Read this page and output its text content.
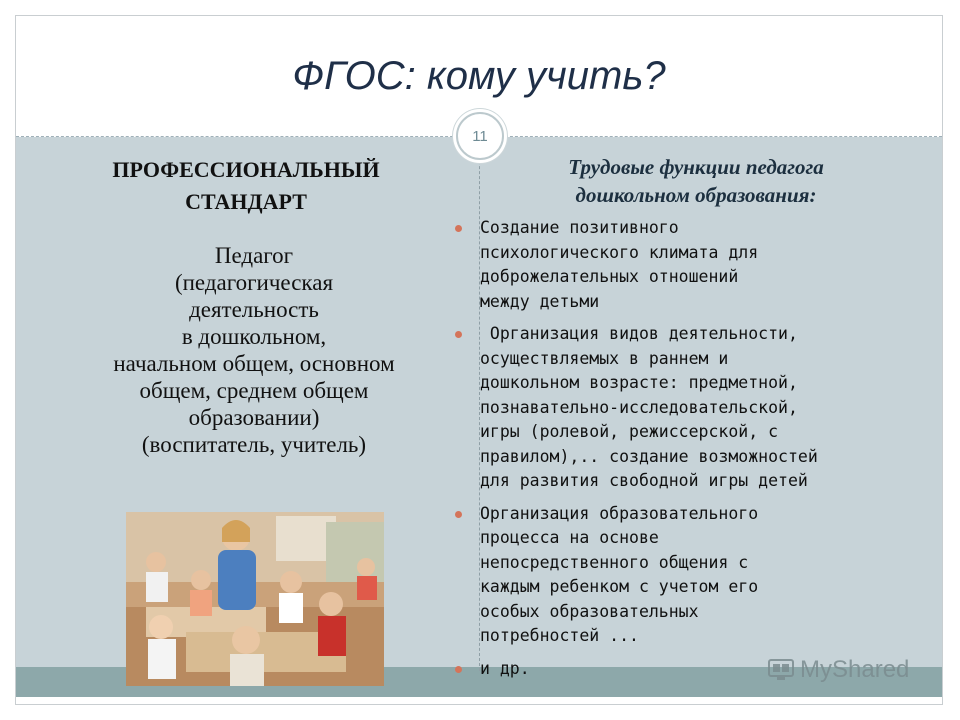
ФГОС: кому учить?
11
ПРОФЕССИОНАЛЬНЫЙ СТАНДАРТ
Педагог
(педагогическая
деятельность
в дошкольном,
начальном общем, основном
общем, среднем общем
образовании)
(воспитатель, учитель)
Трудовые функции педагога
дошкольном образования:
Создание позитивного
психологического климата для
доброжелательных отношений
между детьми
Организация видов деятельности,
осуществляемых в раннем и
дошкольном возрасте: предметной,
познавательно-исследовательской,
игры (ролевой, режиссерской, с
правилом),.. создание возможностей
для развития свободной игры детей
Организация образовательного
процесса на основе
непосредственного общения с
каждым ребенком с учетом его
особых образовательных
потребностей ...
и др.	MyShared
